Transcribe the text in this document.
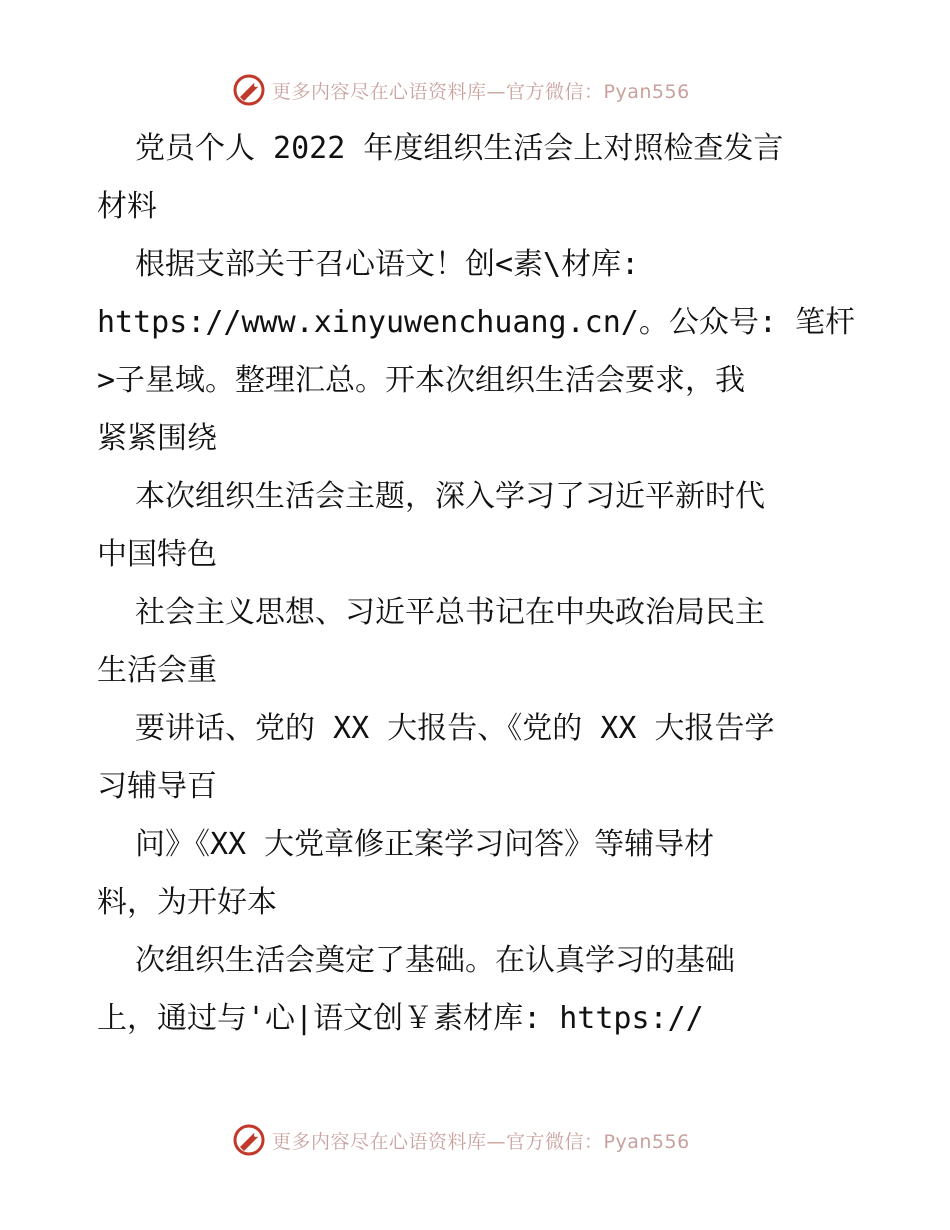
更多内容尽在心语资料库—官方微信：Pyan556
党员个人 2022 年度组织生活会上对照检查发言
材料
根据支部关于召心语文！创<素\材库:
https://www.xinyuwenchuang.cn/。公众号: 笔杆
>子星域。整理汇总。开本次组织生活会要求，我
紧紧围绕
本次组织生活会主题，深入学习了习近平新时代
中国特色
社会主义思想、习近平总书记在中央政治局民主
生活会重
要讲话、党的 XX 大报告、《党的 XX 大报告学
习辅导百
问》《XX 大党章修正案学习问答》等辅导材
料，为开好本
次组织生活会奠定了基础。在认真学习的基础
上，通过与'心|语文创￥素材库: https://
更多内容尽在心语资料库—官方微信：Pyan556
